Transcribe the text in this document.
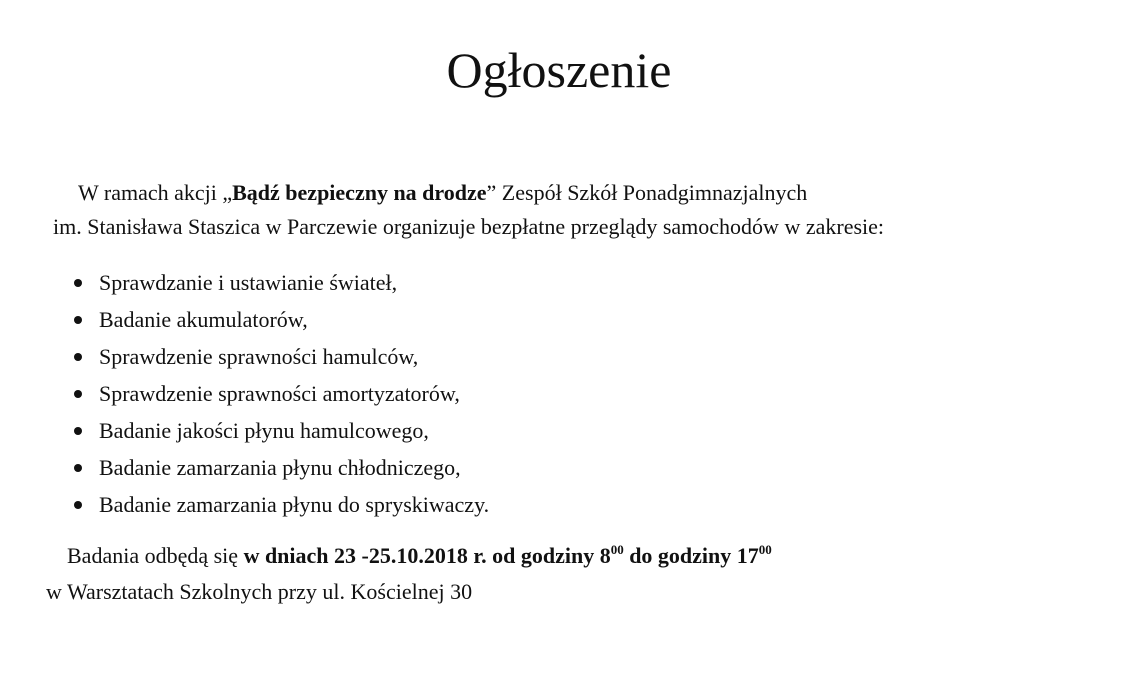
Ogłoszenie
W ramach akcji „Bądź bezpieczny na drodze” Zespół Szkół Ponadgimnazjalnych
im. Stanisława Staszica w Parczewie organizuje bezpłatne przeglądy samochodów w zakresie:
Sprawdzanie i ustawianie świateł,
Badanie akumulatorów,
Sprawdzenie sprawności hamulców,
Sprawdzenie sprawności amortyzatorów,
Badanie jakości płynu hamulcowego,
Badanie zamarzania płynu chłodniczego,
Badanie zamarzania płynu do spryskiwaczy.
Badania odbędą się w dniach 23 -25.10.2018 r. od godziny $8^{00}$ do godziny $17^{00}$
w Warsztatach Szkolnych przy ul. Kościelnej 30
